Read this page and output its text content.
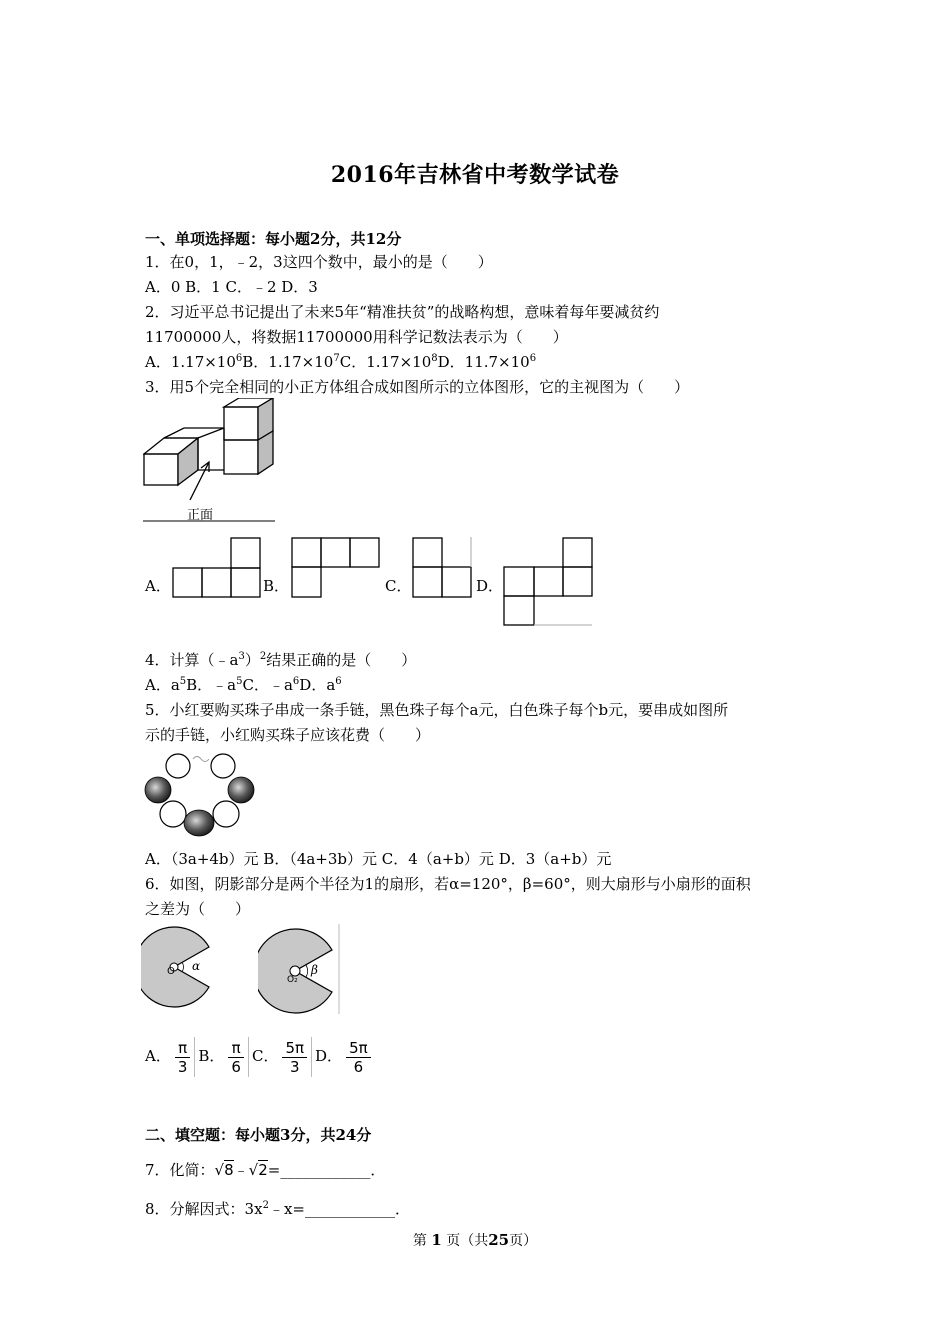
2016年吉林省中考数学试卷
一、单项选择题：每小题2分，共12分
1．在0，1，﹣2，3这四个数中，最小的是（　　）
A．0 B．1 C．﹣2 D．3
2．习近平总书记提出了未来5年“精准扶贫”的战略构想，意味着每年要减贫约
11700000人，将数据11700000用科学记数法表示为（　　）
A．$1.17\times 10^6B$．$1.17\times 10^7C$．$1.17\times 10^8D$．$11.7\times 10^6$
3．用5个完全相同的小正方体组合成如图所示的立体图形，它的主视图为（　　）
正面
A．	B．	C．	D．
4．计算$(﹣a^3)^2$结果正确的是（　　）
A．$a^5B$．$﹣a^5C$．$﹣a^6D$．$a^6$
5．小红要购买珠子串成一条手链，黑色珠子每个a元，白色珠子每个b元，要串成如图所
示的手链，小红购买珠子应该花费（　　）
A．（3a+4b）元 B．（4a+3b）元 C．4（a+b）元 D．3（a+b）元
6．如图，阴影部分是两个半径为1的扇形，若α=120°，β=60°，则大扇形与小扇形的面积
之差为（　　）
O α
O₂
β
A． $\frac{\pi}{3}$ B． $\frac{\pi}{6}$ C． $\frac{5\pi}{3}$ D． $\frac{5\pi}{6}$
二、填空题：每小题3分，共24分
7．化简：√8﹣√2=____________．
8．分解因式：$3x^2﹣x=\_\_\_\_\_\_\_\_\_\_\_\_$．
第 1 页（共25页）
